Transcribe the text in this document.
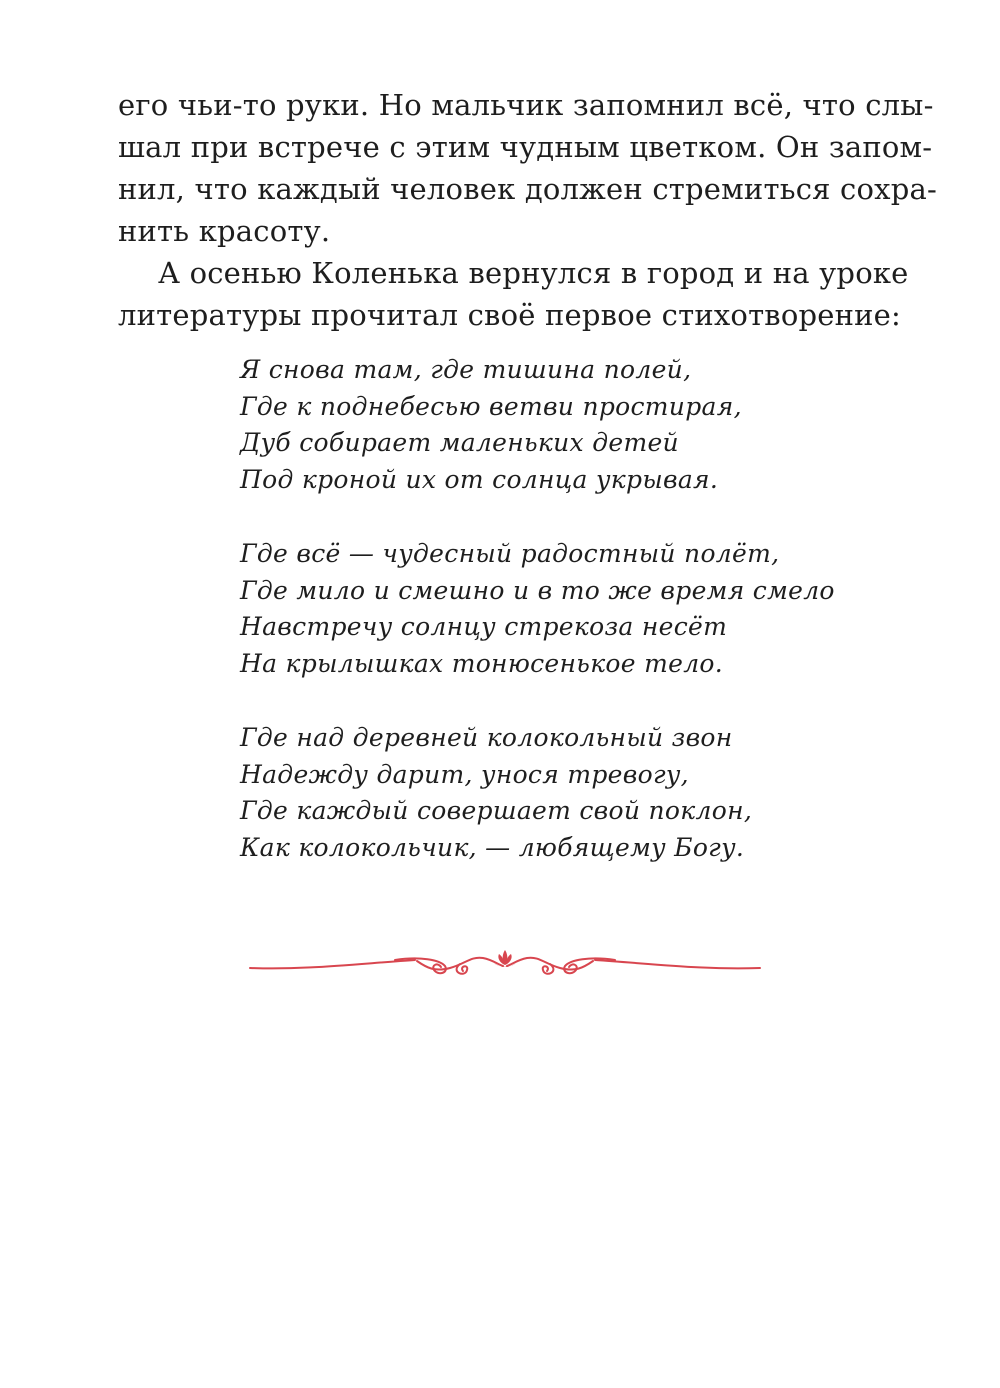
его чьи-то руки. Но мальчик запомнил всё, что слы-
шал при встрече с этим чудным цветком. Он запом-
нил, что каждый человек должен стремиться сохра-
нить красоту.
А осенью Коленька вернулся в город и на уроке
литературы прочитал своё первое стихотворение:
Я снова там, где тишина полей,
Где к поднебесью ветви простирая,
Дуб собирает маленьких детей
Под кроной их от солнца укрывая.
Где всё — чудесный радостный полёт,
Где мило и смешно и в то же время смело
Навстречу солнцу стрекоза несёт
На крылышках тонюсенькое тело.
Где над деревней колокольный звон
Надежду дарит, унося тревогу,
Где каждый совершает свой поклон,
Как колокольчик, — любящему Богу.
